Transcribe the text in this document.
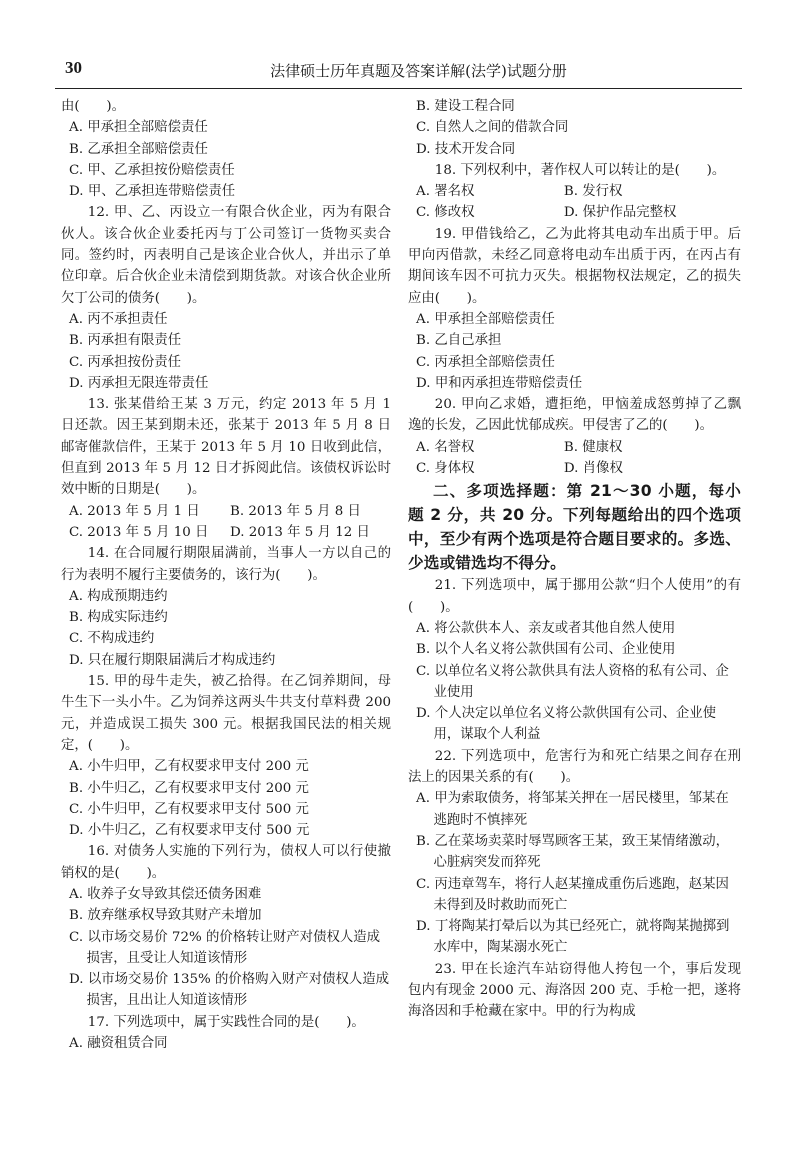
30	法律硕士历年真题及答案详解(法学)试题分册

由(　　)。

A. 甲承担全部赔偿责任

B. 乙承担全部赔偿责任

C. 甲、乙承担按份赔偿责任

D. 甲、乙承担连带赔偿责任

12. 甲、乙、丙设立一有限合伙企业，丙为有限合伙人。该合伙企业委托丙与丁公司签订一货物买卖合同。签约时，丙表明自己是该企业合伙人，并出示了单位印章。后合伙企业未清偿到期货款。对该合伙企业所欠丁公司的债务(　　)。

A. 丙不承担责任

B. 丙承担有限责任

C. 丙承担按份责任

D. 丙承担无限连带责任

13. 张某借给王某 3 万元，约定 2013 年 5 月 1 日还款。因王某到期未还，张某于 2013 年 5 月 8 日邮寄催款信件，王某于 2013 年 5 月 10 日收到此信，但直到 2013 年 5 月 12 日才拆阅此信。该债权诉讼时效中断的日期是(　　)。

A. 2013 年 5 月 1 日	B. 2013 年 5 月 8 日

C. 2013 年 5 月 10 日	D. 2013 年 5 月 12 日

14. 在合同履行期限届满前，当事人一方以自己的行为表明不履行主要债务的，该行为(　　)。

A. 构成预期违约

B. 构成实际违约

C. 不构成违约

D. 只在履行期限届满后才构成违约

15. 甲的母牛走失，被乙拾得。在乙饲养期间，母牛生下一头小牛。乙为饲养这两头牛共支付草料费 200 元，并造成误工损失 300 元。根据我国民法的相关规定，(　　)。

A. 小牛归甲，乙有权要求甲支付 200 元

B. 小牛归乙，乙有权要求甲支付 200 元

C. 小牛归甲，乙有权要求甲支付 500 元

D. 小牛归乙，乙有权要求甲支付 500 元

16. 对债务人实施的下列行为，债权人可以行使撤销权的是(　　)。

A. 收养子女导致其偿还债务困难

B. 放弃继承权导致其财产未增加

C. 以市场交易价 72% 的价格转让财产对债权人造成损害，且受让人知道该情形

D. 以市场交易价 135% 的价格购入财产对债权人造成损害，且出让人知道该情形

17. 下列选项中，属于实践性合同的是(　　)。

A. 融资租赁合同

B. 建设工程合同

C. 自然人之间的借款合同

D. 技术开发合同

18. 下列权利中，著作权人可以转让的是(　　)。

A. 署名权	B. 发行权

C. 修改权	D. 保护作品完整权

19. 甲借钱给乙，乙为此将其电动车出质于甲。后甲向丙借款，未经乙同意将电动车出质于丙，在丙占有期间该车因不可抗力灭失。根据物权法规定，乙的损失应由(　　)。

A. 甲承担全部赔偿责任

B. 乙自己承担

C. 丙承担全部赔偿责任

D. 甲和丙承担连带赔偿责任

20. 甲向乙求婚，遭拒绝，甲恼羞成怒剪掉了乙飘逸的长发，乙因此忧郁成疾。甲侵害了乙的(　　)。

A. 名誉权	B. 健康权

C. 身体权	D. 肖像权

二、多项选择题：第 21～30 小题，每小题 2 分，共 20 分。下列每题给出的四个选项中，至少有两个选项是符合题目要求的。多选、少选或错选均不得分。

21. 下列选项中，属于挪用公款“归个人使用”的有(　　)。

A. 将公款供本人、亲友或者其他自然人使用

B. 以个人名义将公款供国有公司、企业使用

C. 以单位名义将公款供具有法人资格的私有公司、企业使用

D. 个人决定以单位名义将公款供国有公司、企业使用，谋取个人利益

22. 下列选项中，危害行为和死亡结果之间存在刑法上的因果关系的有(　　)。

A. 甲为索取债务，将邹某关押在一居民楼里，邹某在逃跑时不慎摔死

B. 乙在菜场卖菜时辱骂顾客王某，致王某情绪激动，心脏病突发而猝死

C. 丙违章驾车，将行人赵某撞成重伤后逃跑，赵某因未得到及时救助而死亡

D. 丁将陶某打晕后以为其已经死亡，就将陶某抛掷到水库中，陶某溺水死亡

23. 甲在长途汽车站窃得他人挎包一个，事后发现包内有现金 2000 元、海洛因 200 克、手枪一把，遂将海洛因和手枪藏在家中。甲的行为构成
